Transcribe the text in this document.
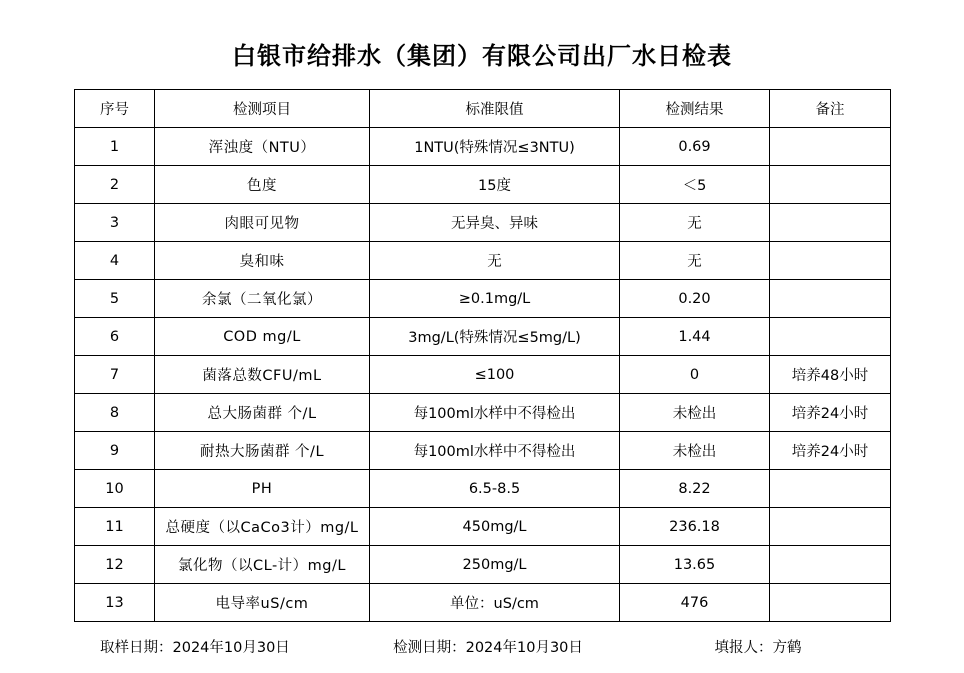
白银市给排水（集团）有限公司出厂水日检表
序号	检测项目	标准限值	检测结果	备注
1	浑浊度（NTU）	1NTU(特殊情况≤3NTU)	0.69	
2	色度	15度	＜5	
3	肉眼可见物	无异臭、异味	无	
4	臭和味	无	无	
5	余氯（二氧化氯）	≥0.1mg/L	0.20	
6	COD mg/L	3mg/L(特殊情况≤5mg/L)	1.44	
7	菌落总数CFU/mL	≤100	0	培养48小时
8	总大肠菌群 个/L	每100ml水样中不得检出	未检出	培养24小时
9	耐热大肠菌群 个/L	每100ml水样中不得检出	未检出	培养24小时
10	PH	6.5-8.5	8.22	
11	总硬度（以CaCo3计）mg/L	450mg/L	236.18	
12	氯化物（以CL-计）mg/L	250mg/L	13.65	
13	电导率uS/cm	单位：uS/cm	476	
取样日期：2024年10月30日	检测日期：2024年10月30日	填报人：方鹤
